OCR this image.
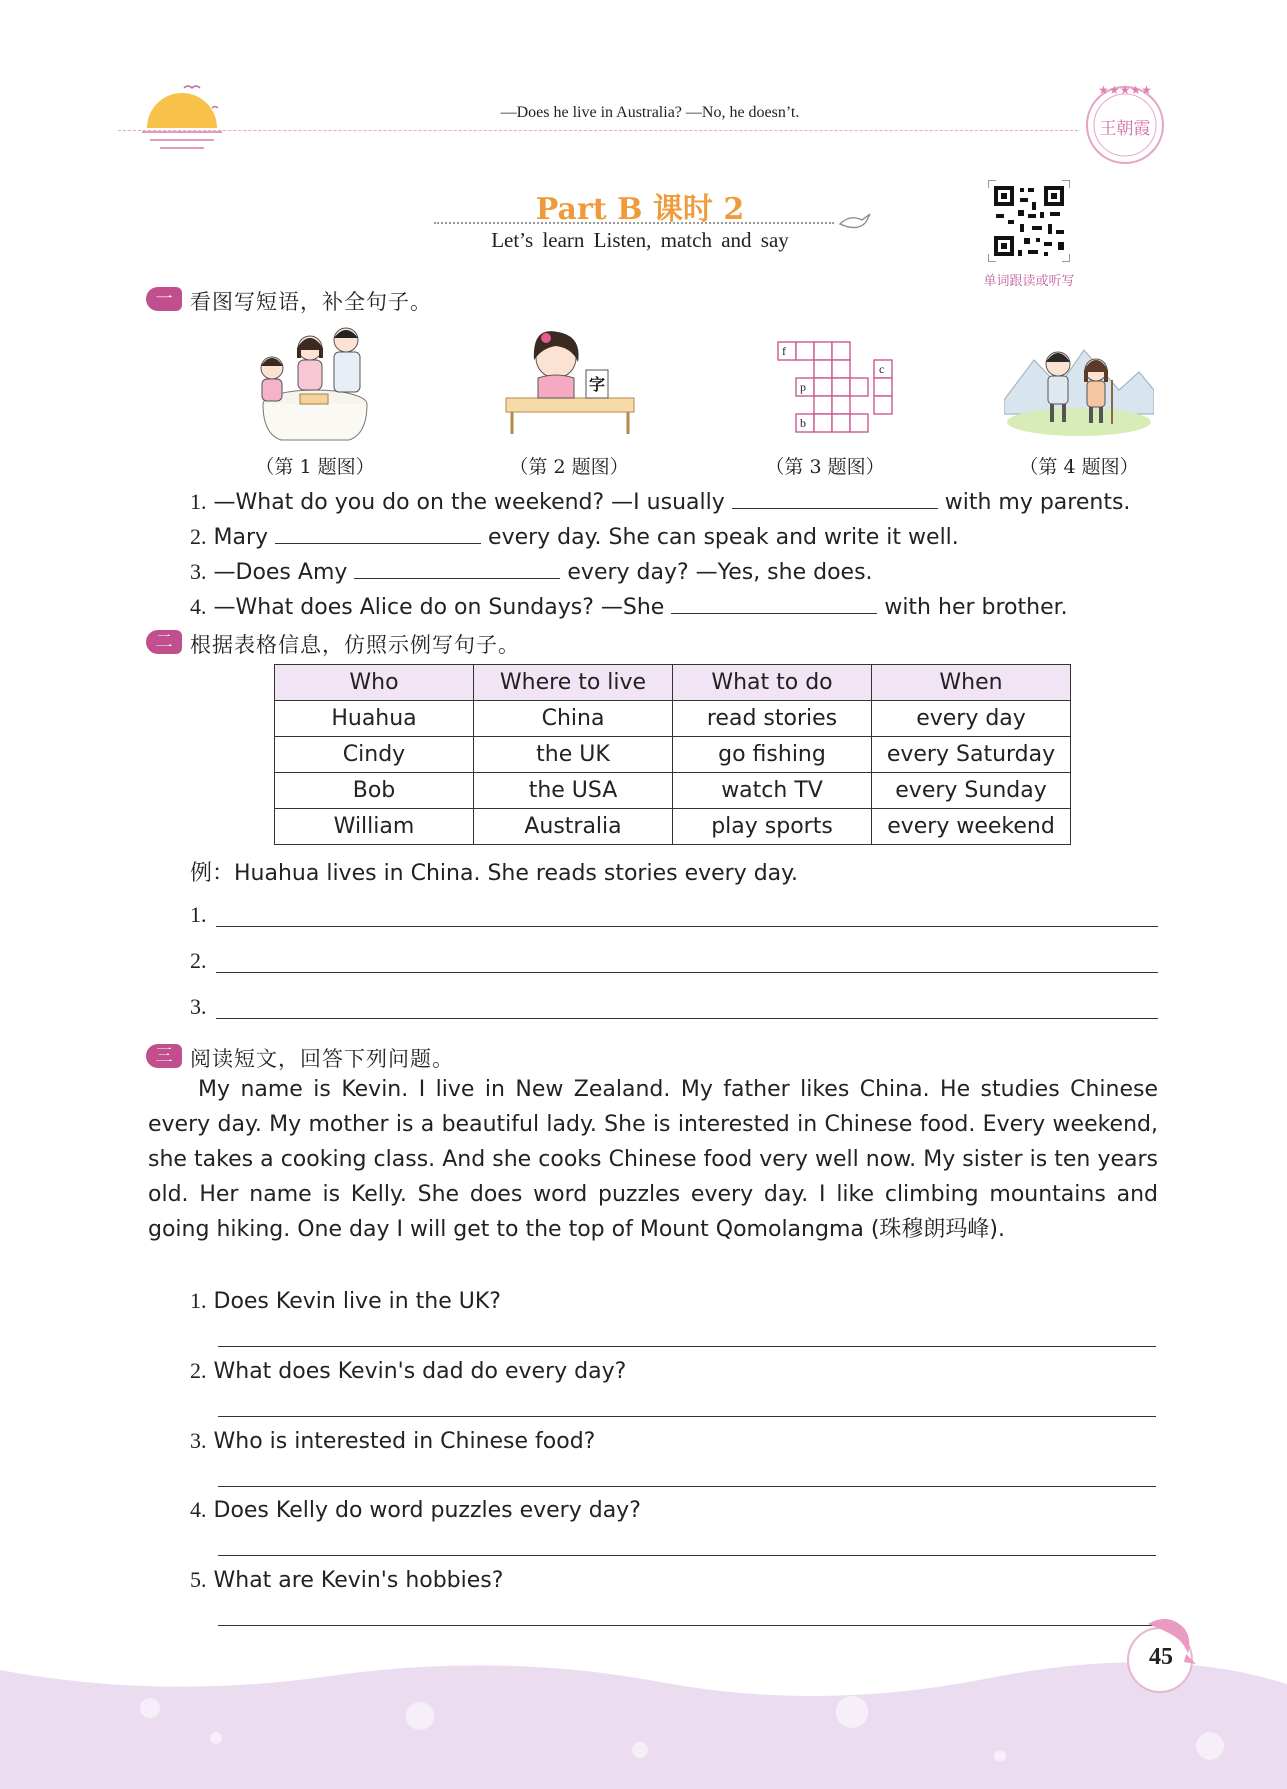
—Does he live in Australia? —No, he doesn’t.
★★★★★
王朝霞
Part B 课时 2
Let’s learn Listen, match and say
单词跟读或听写
一 看图写短语，补全句子。
字
f
c
p
b
（第 1 题图）	（第 2 题图）	（第 3 题图）	（第 4 题图）
1. —What do you do on the weekend? —I usually	with my parents.
2. Mary	every day. She can speak and write it well.
3. —Does Amy	every day? —Yes, she does.
4. —What does Alice do on Sundays? —She	with her brother.
二 根据表格信息，仿照示例写句子。
Who	Where to live	What to do	When
Huahua	China	read stories	every day
Cindy	the UK	go fishing	every Saturday
Bob	the USA	watch TV	every Sunday
William	Australia	play sports	every weekend
例：Huahua lives in China. She reads stories every day.
1.
2.
3.
三 阅读短文，回答下列问题。
My name is Kevin. I live in New Zealand. My father likes China. He studies Chinese every day. My mother is a beautiful lady. She is interested in Chinese food. Every weekend, she takes a cooking class. And she cooks Chinese food very well now. My sister is ten years old. Her name is Kelly. She does word puzzles every day. I like climbing mountains and going hiking. One day I will get to the top of Mount Qomolangma (珠穆朗玛峰).
1. Does Kevin live in the UK?
2. What does Kevin's dad do every day?
3. Who is interested in Chinese food?
4. Does Kelly do word puzzles every day?
5. What are Kevin's hobbies?
45
